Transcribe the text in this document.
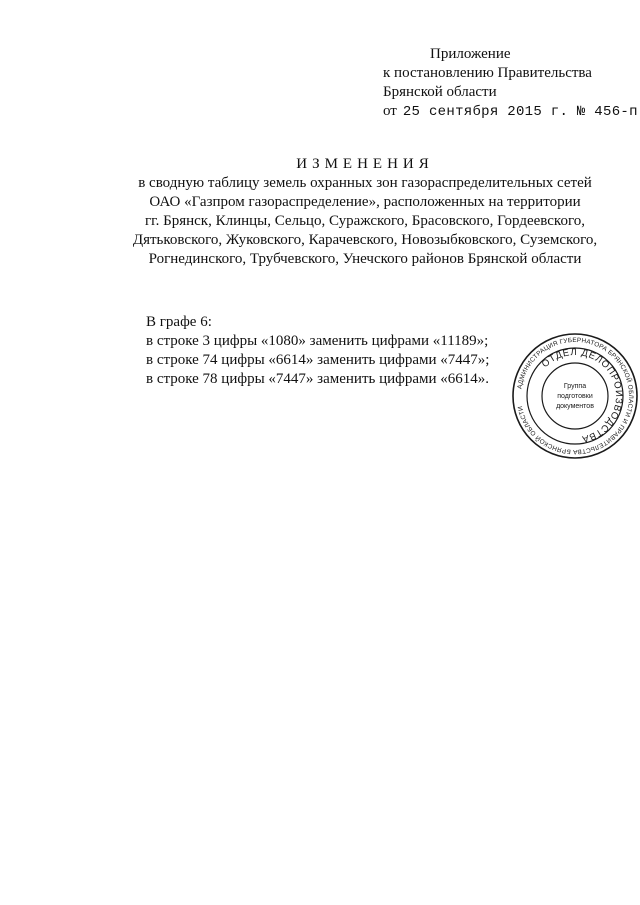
Приложение
к постановлению Правительства
Брянской области
от 25 сентября 2015 г. № 456-п
ИЗМЕНЕНИЯ
в сводную таблицу земель охранных зон газораспределительных сетей
ОАО «Газпром газораспределение», расположенных на территории
гг. Брянск, Клинцы, Сельцо, Суражского, Брасовского, Гордеевского,
Дятьковского, Жуковского, Карачевского, Новозыбковского, Суземского,
Рогнединского, Трубчевского, Унечского районов Брянской области
В графе 6:
в строке 3 цифры «1080» заменить цифрами «11189»;
в строке 74 цифры «6614» заменить цифрами «7447»;
в строке 78 цифры «7447» заменить цифрами «6614».	АДМИНИСТРАЦИЯ ГУБЕРНАТОРА БРЯНСКОЙ ОБЛАСТИ И ПРАВИТЕЛЬСТВА БРЯНСКОЙ ОБЛАСТИ
ОТДЕЛ ДЕЛОПРОИЗВОДСТВА
Группа
подготовки
документов
